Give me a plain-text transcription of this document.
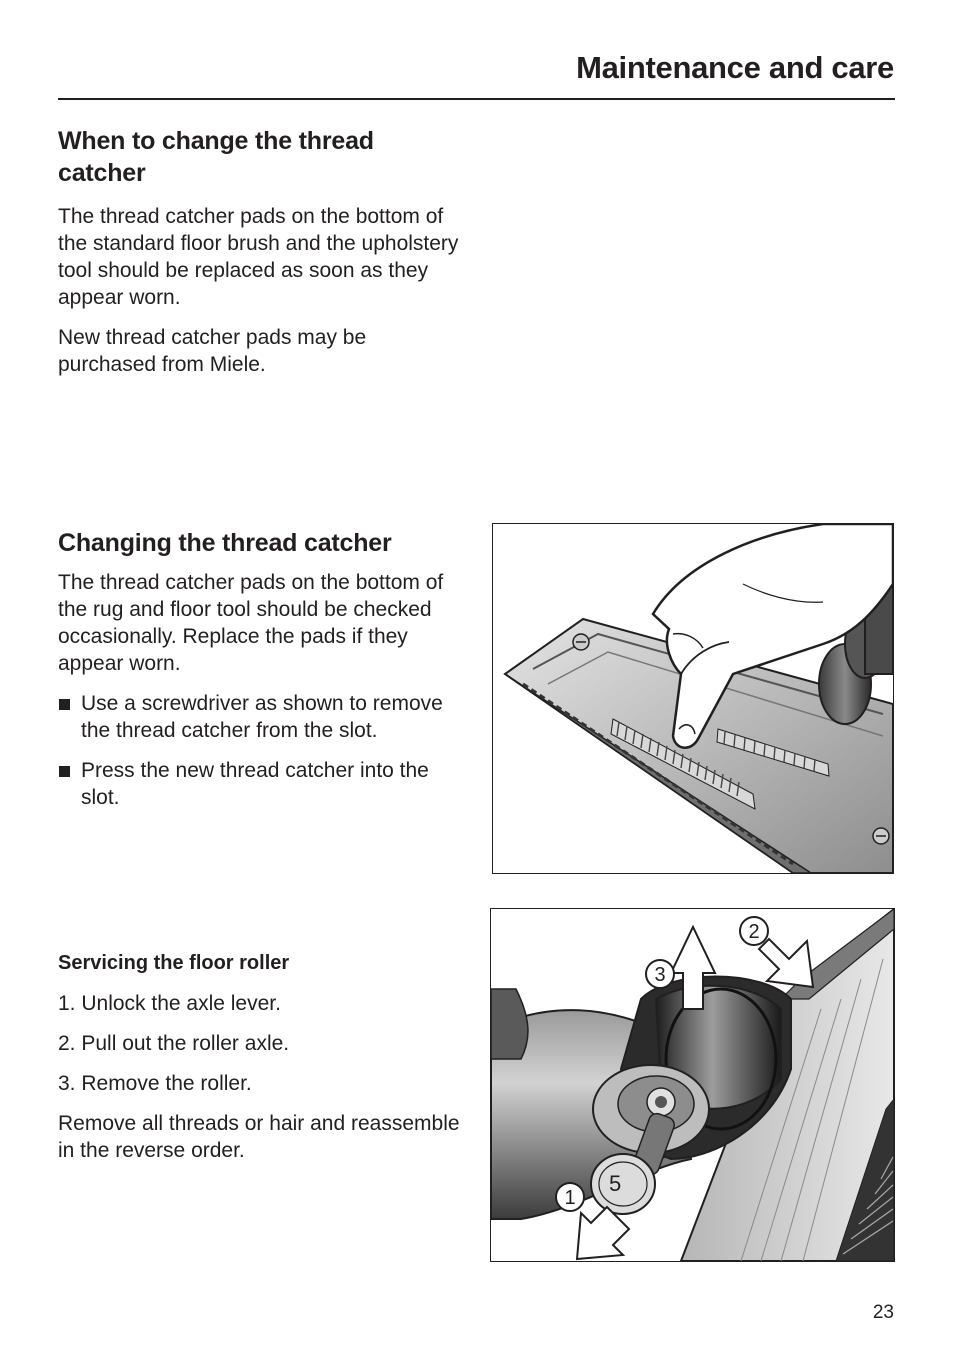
Maintenance and care
When to change the thread catcher

The thread catcher pads on the bottom of the standard floor brush and the upholstery tool should be replaced as soon as they appear worn.

New thread catcher pads may be purchased from Miele.

Changing the thread catcher

The thread catcher pads on the bottom of the rug and floor tool should be checked occasionally. Replace the pads if they appear worn.

Use a screwdriver as shown to remove the thread catcher from the slot.
Press the new thread catcher into the slot.
Servicing the floor roller

1. Unlock the axle lever.

2. Pull out the roller axle.

3. Remove the roller.

Remove all threads or hair and reassemble in the reverse order.

5
1
2
3
23
